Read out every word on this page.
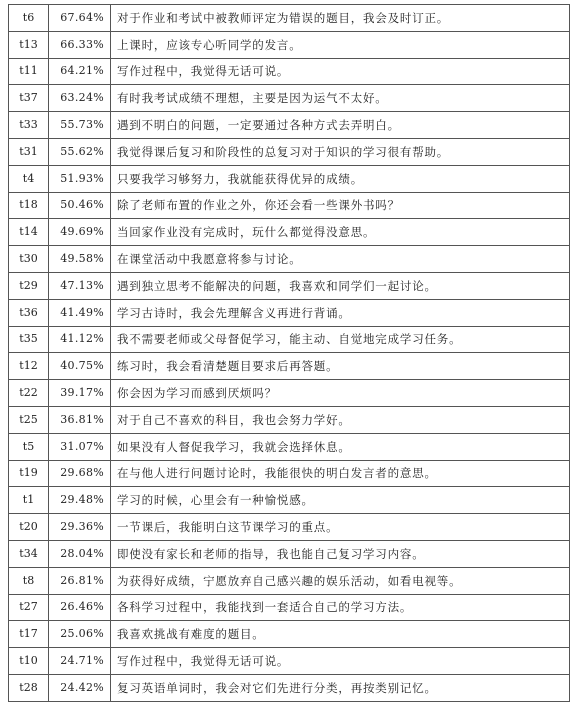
t6	67.64%	对于作业和考试中被教师评定为错误的题目，我会及时订正。
t13	66.33%	上课时，应该专心听同学的发言。
t11	64.21%	写作过程中，我觉得无话可说。
t37	63.24%	有时我考试成绩不理想，主要是因为运气不太好。
t33	55.73%	遇到不明白的问题，一定要通过各种方式去弄明白。
t31	55.62%	我觉得课后复习和阶段性的总复习对于知识的学习很有帮助。
t4	51.93%	只要我学习够努力，我就能获得优异的成绩。
t18	50.46%	除了老师布置的作业之外，你还会看一些课外书吗？
t14	49.69%	当回家作业没有完成时，玩什么都觉得没意思。
t30	49.58%	在课堂活动中我愿意将参与讨论。
t29	47.13%	遇到独立思考不能解决的问题，我喜欢和同学们一起讨论。
t36	41.49%	学习古诗时，我会先理解含义再进行背诵。
t35	41.12%	我不需要老师或父母督促学习，能主动、自觉地完成学习任务。
t12	40.75%	练习时，我会看清楚题目要求后再答题。
t22	39.17%	你会因为学习而感到厌烦吗？
t25	36.81%	对于自己不喜欢的科目，我也会努力学好。
t5	31.07%	如果没有人督促我学习，我就会选择休息。
t19	29.68%	在与他人进行问题讨论时，我能很快的明白发言者的意思。
t1	29.48%	学习的时候，心里会有一种愉悦感。
t20	29.36%	一节课后，我能明白这节课学习的重点。
t34	28.04%	即使没有家长和老师的指导，我也能自己复习学习内容。
t8	26.81%	为获得好成绩，宁愿放弃自己感兴趣的娱乐活动，如看电视等。
t27	26.46%	各科学习过程中，我能找到一套适合自己的学习方法。
t17	25.06%	我喜欢挑战有难度的题目。
t10	24.71%	写作过程中，我觉得无话可说。
t28	24.42%	复习英语单词时，我会对它们先进行分类，再按类别记忆。
